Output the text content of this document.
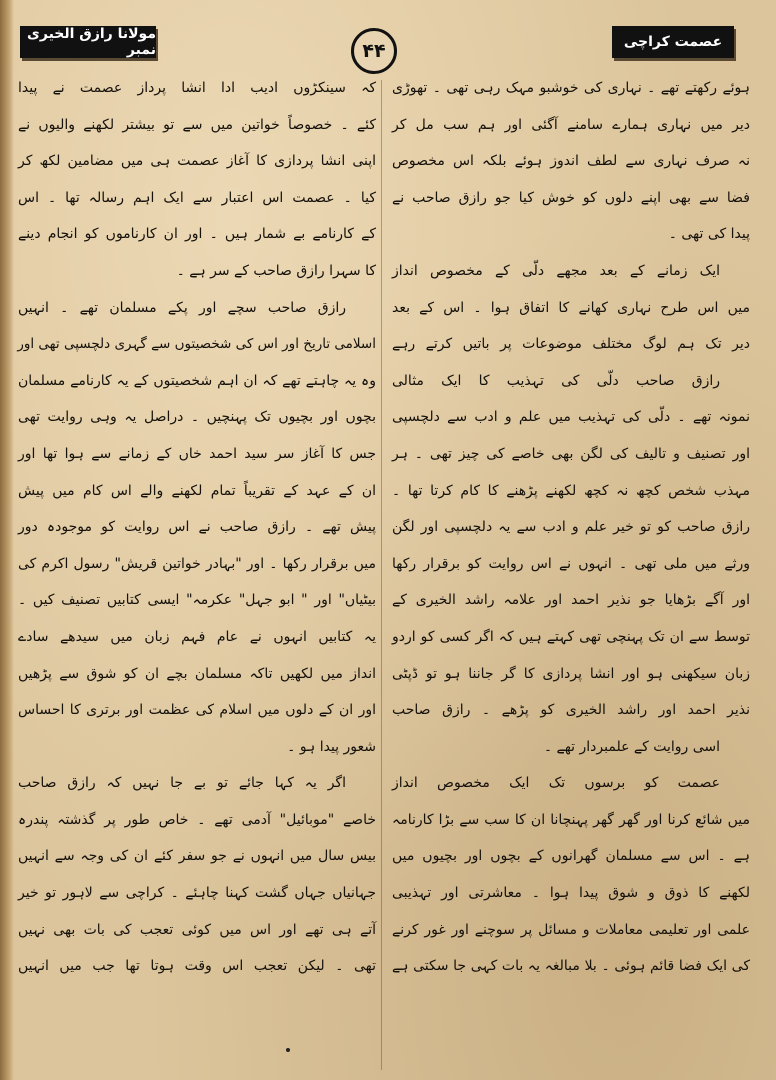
مولانا رازق الخیری نمبر	۴۴	عصمت کراچی
ہوئے رکھتے تھے ۔ نہاری کی خوشبو مہک رہی تھی ۔ تھوڑی
دیر میں نہاری ہمارے سامنے آگئی اور ہم سب مل کر
نہ صرف نہاری سے لطف اندوز ہوئے بلکہ اس مخصوص
فضا سے بھی اپنے دلوں کو خوش کیا جو رازق صاحب نے
پیدا کی تھی ۔
ایک زمانے کے بعد مجھے دلّی کے مخصوص انداز
میں اس طرح نہاری کھانے کا اتفاق ہوا ۔ اس کے بعد
دیر تک ہم لوگ مختلف موضوعات پر باتیں کرتے رہے
رازق صاحب دلّی کی تہذیب کا ایک مثالی
نمونہ تھے ۔ دلّی کی تہذیب میں علم و ادب سے دلچسپی
اور تصنیف و تالیف کی لگن بھی خاصے کی چیز تھی ۔ ہر
مہذب شخص کچھ نہ کچھ لکھنے پڑھنے کا کام کرتا تھا ۔
رازق صاحب کو تو خیر علم و ادب سے یہ دلچسپی اور لگن
ورثے میں ملی تھی ۔ انہوں نے اس روایت کو برقرار رکھا
اور آگے بڑھایا جو نذیر احمد اور علامہ راشد الخیری کے
توسط سے ان تک پہنچی تھی کہتے ہیں کہ اگر کسی کو اردو
زبان سیکھنی ہو اور انشا پردازی کا گر جاننا ہو تو ڈپٹی
نذیر احمد اور راشد الخیری کو پڑھے ۔ رازق صاحب
اسی روایت کے علمبردار تھے ۔
عصمت کو برسوں تک ایک مخصوص انداز
میں شائع کرنا اور گھر گھر پہنچانا ان کا سب سے بڑا کارنامہ
ہے ۔ اس سے مسلمان گھرانوں کے بچوں اور بچیوں میں
لکھنے کا ذوق و شوق پیدا ہوا ۔ معاشرتی اور تہذیبی
علمی اور تعلیمی معاملات و مسائل پر سوچنے اور غور کرنے
کی ایک فضا قائم ہوئی ۔ بلا مبالغہ یہ بات کہی جا سکتی ہے
کہ سینکڑوں ادیب ادا انشا پرداز عصمت نے پیدا
کئے ۔ خصوصاً خواتین میں سے تو بیشتر لکھنے والیوں نے
اپنی انشا پردازی کا آغاز عصمت ہی میں مضامین لکھ کر
کیا ۔ عصمت اس اعتبار سے ایک اہم رسالہ تھا ۔ اس
کے کارنامے بے شمار ہیں ۔ اور ان کارناموں کو انجام دینے
کا سہرا رازق صاحب کے سر ہے ۔
رازق صاحب سچے اور پکے مسلمان تھے ۔ انہیں
اسلامی تاریخ اور اس کی شخصیتوں سے گہری دلچسپی تھی اور
وہ یہ چاہتے تھے کہ ان اہم شخصیتوں کے یہ کارنامے مسلمان
بچوں اور بچیوں تک پہنچیں ۔ دراصل یہ وہی روایت تھی
جس کا آغاز سر سید احمد خاں کے زمانے سے ہوا تھا اور
ان کے عہد کے تقریباً تمام لکھنے والے اس کام میں پیش
پیش تھے ۔ رازق صاحب نے اس روایت کو موجودہ دور
میں برقرار رکھا ۔ اور "بہادر خواتین قریش" رسول اکرم کی
بیٹیاں" اور " ابو جہل" عکرمہ" ایسی کتابیں تصنیف کیں ۔
یہ کتابیں انہوں نے عام فہم زبان میں سیدھے سادے
انداز میں لکھیں تاکہ مسلمان بچے ان کو شوق سے پڑھیں
اور ان کے دلوں میں اسلام کی عظمت اور برتری کا احساس
شعور پیدا ہو ۔
اگر یہ کہا جائے تو بے جا نہیں کہ رازق صاحب
خاصے "موبائیل" آدمی تھے ۔ خاص طور پر گذشتہ پندرہ
بیس سال میں انہوں نے جو سفر کئے ان کی وجہ سے انہیں
جہانیاں جہاں گشت کہنا چاہئے ۔ کراچی سے لاہور تو خیر
آتے ہی تھے اور اس میں کوئی تعجب کی بات بھی نہیں
تھی ۔ لیکن تعجب اس وقت ہوتا تھا جب میں انہیں
